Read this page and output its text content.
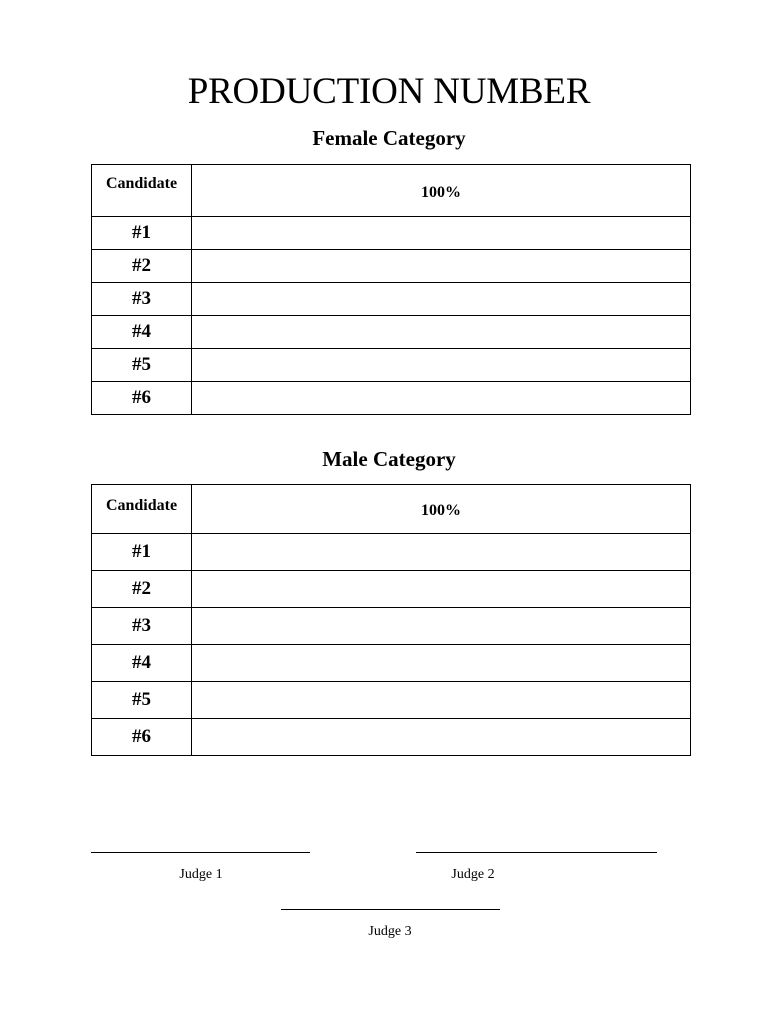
PRODUCTION NUMBER
Female Category
Candidate	100%
#1	
#2	
#3	
#4	
#5	
#6	
Male Category
Candidate	100%
#1	
#2	
#3	
#4	
#5	
#6	
Judge 1	Judge 2
Judge 3
